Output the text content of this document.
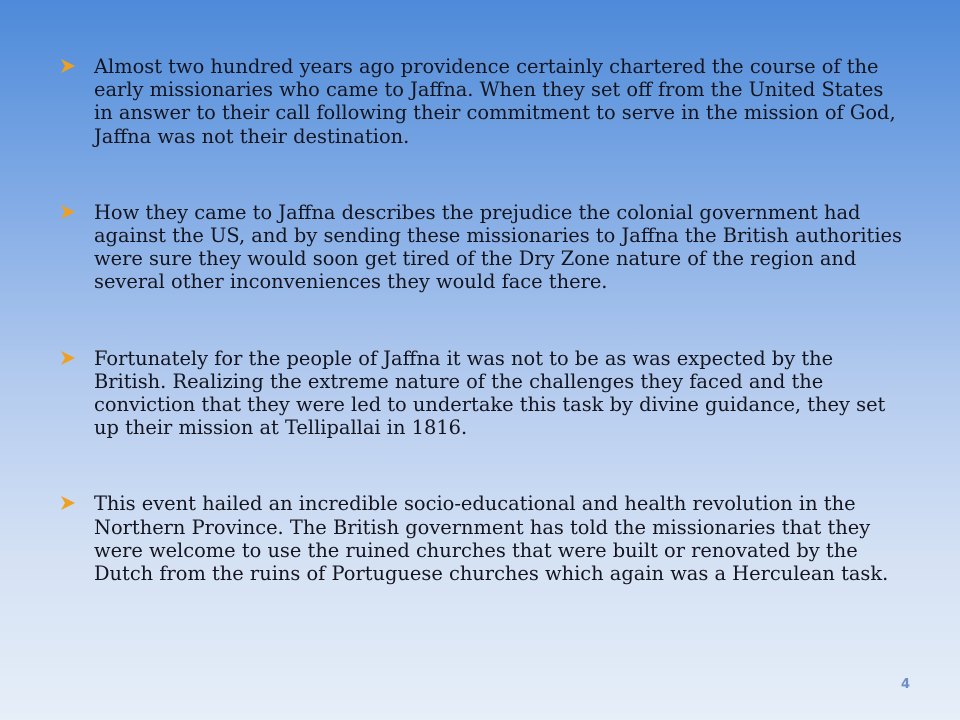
Almost two hundred years ago providence certainly chartered the course of the early missionaries who came to Jaffna. When they set off from the United States in answer to their call following their commitment to serve in the mission of God, Jaffna was not their destination.
How they came to Jaffna describes the prejudice the colonial government had against the US, and by sending these missionaries to Jaffna the British authorities were sure they would soon get tired of the Dry Zone nature of the region and several other inconveniences they would face there.
Fortunately for the people of Jaffna it was not to be as was expected by the British. Realizing the extreme nature of the challenges they faced and the conviction that they were led to undertake this task by divine guidance, they set up their mission at Tellipallai in 1816.
This event hailed an incredible socio-educational and health revolution in the Northern Province. The British government has told the missionaries that they were welcome to use the ruined churches that were built or renovated by the Dutch from the ruins of Portuguese churches which again was a Herculean task.
4
